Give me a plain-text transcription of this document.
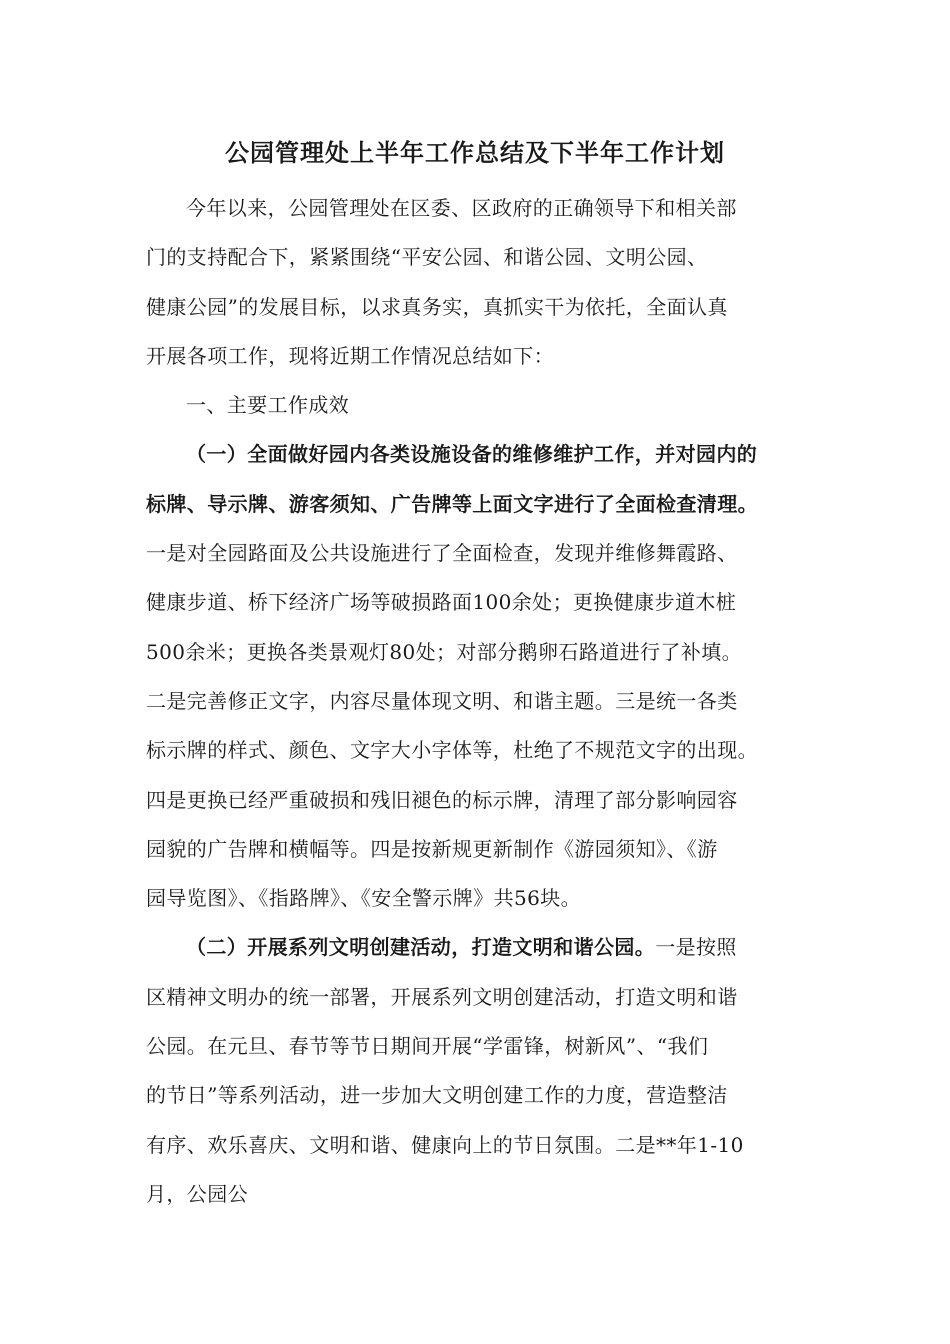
公园管理处上半年工作总结及下半年工作计划
今年以来，公园管理处在区委、区政府的正确领导下和相关部
门的支持配合下，紧紧围绕“平安公园、和谐公园、文明公园、
健康公园”的发展目标，以求真务实，真抓实干为依托，全面认真
开展各项工作，现将近期工作情况总结如下：
一、主要工作成效
（一）全面做好园内各类设施设备的维修维护工作，并对园内的
标牌、导示牌、游客须知、广告牌等上面文字进行了全面检查清理。
一是对全园路面及公共设施进行了全面检查，发现并维修舞霞路、
健康步道、桥下经济广场等破损路面100余处；更换健康步道木桩
500余米；更换各类景观灯80处；对部分鹅卵石路道进行了补填。
二是完善修正文字，内容尽量体现文明、和谐主题。三是统一各类
标示牌的样式、颜色、文字大小字体等，杜绝了不规范文字的出现。
四是更换已经严重破损和残旧褪色的标示牌，清理了部分影响园容
园貌的广告牌和横幅等。四是按新规更新制作《游园须知》、《游
园导览图》、《指路牌》、《安全警示牌》共56块。
（二）开展系列文明创建活动，打造文明和谐公园。一是按照
区精神文明办的统一部署，开展系列文明创建活动，打造文明和谐
公园。在元旦、春节等节日期间开展“学雷锋，树新风”、“我们
的节日”等系列活动，进一步加大文明创建工作的力度，营造整洁
有序、欢乐喜庆、文明和谐、健康向上的节日氛围。二是**年1-10
月，公园公
